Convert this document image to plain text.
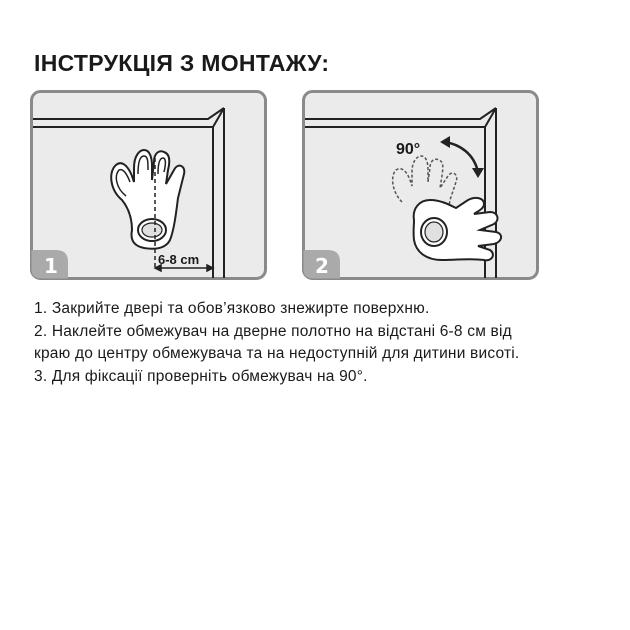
ІНСТРУКЦІЯ З МОНТАЖУ:
6-8 cm
1
90°
2
1. Закрийте двері та обов’язково знежирте поверхню.
2. Наклейте обмежувач на дверне полотно на відстані 6-8 см від
краю до центру обмежувача та на недоступній для дитини висоті.
3. Для фіксації проверніть обмежувач на 90°.
